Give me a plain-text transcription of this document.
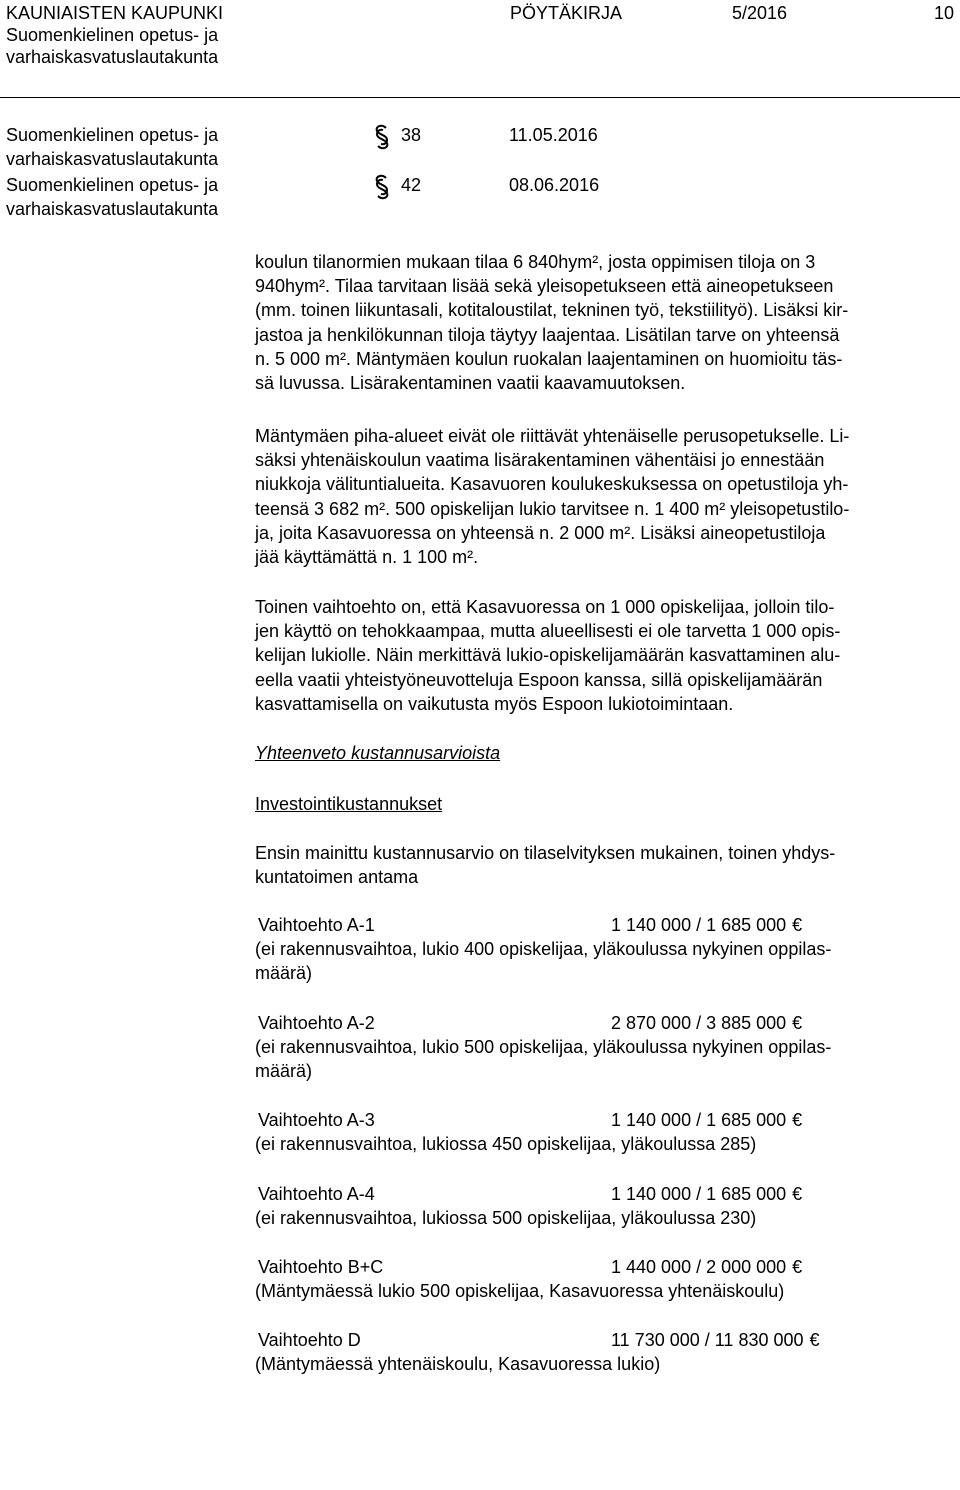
KAUNIAISTEN KAUPUNKI
Suomenkielinen opetus- ja
varhaiskasvatuslautakunta
PÖYTÄKIRJA	5/2016	10
Suomenkielinen opetus- ja
varhaiskasvatuslautakunta
38	11.05.2016
Suomenkielinen opetus- ja
varhaiskasvatuslautakunta
42	08.06.2016
koulun tilanormien mukaan tilaa 6 840hym², josta oppimisen tiloja on 3
940hym². Tilaa tarvitaan lisää sekä yleisopetukseen että aineopetukseen
(mm. toinen liikuntasali, kotitaloustilat, tekninen työ, tekstiilityö). Lisäksi kir-
jastoa ja henkilökunnan tiloja täytyy laajentaa. Lisätilan tarve on yhteensä
n. 5 000 m². Mäntymäen koulun ruokalan laajentaminen on huomioitu täs-
sä luvussa. Lisärakentaminen vaatii kaavamuutoksen.
Mäntymäen piha-alueet eivät ole riittävät yhtenäiselle perusopetukselle. Li-
säksi yhtenäiskoulun vaatima lisärakentaminen vähentäisi jo ennestään
niukkoja välituntialueita. Kasavuoren koulukeskuksessa on opetustiloja yh-
teensä 3 682 m². 500 opiskelijan lukio tarvitsee n. 1 400 m² yleisopetustilo-
ja, joita Kasavuoressa on yhteensä n. 2 000 m². Lisäksi aineopetustiloja
jää käyttämättä n. 1 100 m².
Toinen vaihtoehto on, että Kasavuoressa on 1 000 opiskelijaa, jolloin tilo-
jen käyttö on tehokkaampaa, mutta alueellisesti ei ole tarvetta 1 000 opis-
kelijan lukiolle. Näin merkittävä lukio-opiskelijamäärän kasvattaminen alu-
eella vaatii yhteistyöneuvotteluja Espoon kanssa, sillä opiskelijamäärän
kasvattamisella on vaikutusta myös Espoon lukiotoimintaan.
Yhteenveto kustannusarvioista
Investointikustannukset
Ensin mainittu kustannusarvio on tilaselvityksen mukainen, toinen yhdys-
kuntatoimen antama
Vaihtoehto A-1	1 140 000 / 1 685 000 €
(ei rakennusvaihtoa, lukio 400 opiskelijaa, yläkoulussa nykyinen oppilas-
määrä)
Vaihtoehto A-2	2 870 000 / 3 885 000 €
(ei rakennusvaihtoa, lukio 500 opiskelijaa, yläkoulussa nykyinen oppilas-
määrä)
Vaihtoehto A-3	1 140 000 / 1 685 000 €
(ei rakennusvaihtoa, lukiossa 450 opiskelijaa, yläkoulussa 285)
Vaihtoehto A-4	1 140 000 / 1 685 000 €
(ei rakennusvaihtoa, lukiossa 500 opiskelijaa, yläkoulussa 230)
Vaihtoehto B+C	1 440 000 / 2 000 000 €
(Mäntymäessä lukio 500 opiskelijaa, Kasavuoressa yhtenäiskoulu)
Vaihtoehto D	11 730 000 / 11 830 000 €
(Mäntymäessä yhtenäiskoulu, Kasavuoressa lukio)
